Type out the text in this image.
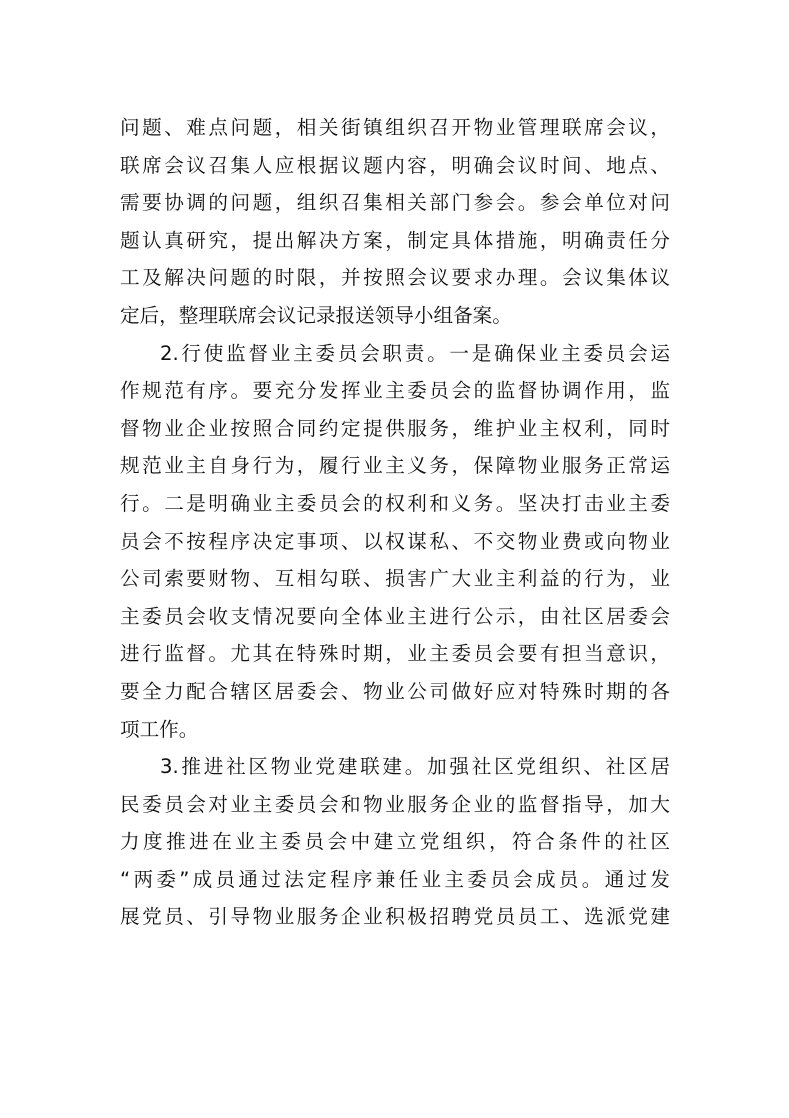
问题、难点问题，相关街镇组织召开物业管理联席会议，
联席会议召集人应根据议题内容，明确会议时间、地点、
需要协调的问题，组织召集相关部门参会。参会单位对问
题认真研究，提出解决方案，制定具体措施，明确责任分
工及解决问题的时限，并按照会议要求办理。会议集体议
定后，整理联席会议记录报送领导小组备案。
2.行使监督业主委员会职责。一是确保业主委员会运
作规范有序。要充分发挥业主委员会的监督协调作用，监
督物业企业按照合同约定提供服务，维护业主权利，同时
规范业主自身行为，履行业主义务，保障物业服务正常运
行。二是明确业主委员会的权利和义务。坚决打击业主委
员会不按程序决定事项、以权谋私、不交物业费或向物业
公司索要财物、互相勾联、损害广大业主利益的行为，业
主委员会收支情况要向全体业主进行公示，由社区居委会
进行监督。尤其在特殊时期，业主委员会要有担当意识，
要全力配合辖区居委会、物业公司做好应对特殊时期的各
项工作。
3.推进社区物业党建联建。加强社区党组织、社区居
民委员会对业主委员会和物业服务企业的监督指导，加大
力度推进在业主委员会中建立党组织，符合条件的社区
“两委”成员通过法定程序兼任业主委员会成员。通过发
展党员、引导物业服务企业积极招聘党员员工、选派党建
